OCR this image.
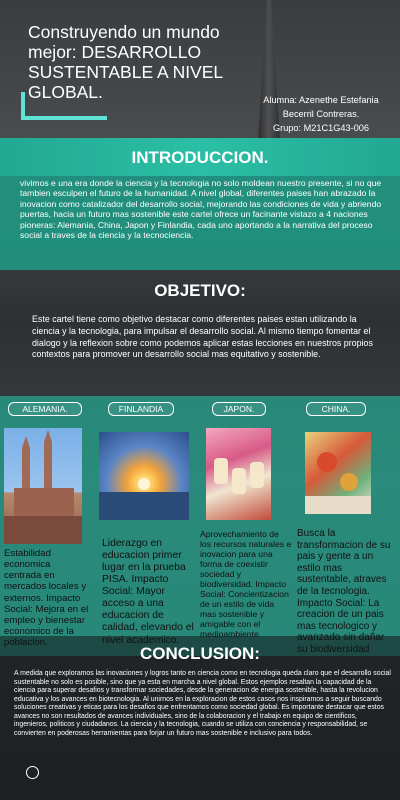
Construyendo un mundo mejor: DESARROLLO SUSTENTABLE A NIVEL GLOBAL.	Alumna: Azenethe Estefania
Becerril Contreras.
Grupo: M21C1G43-006
INTRODUCCION.
vivimos e una era donde la ciencia y la tecnologia no solo moldean nuestro presente, si no que tambien esculpen el futuro de la humanidad. A nivel global, diferentes paises han abrazado la inovacion como catalizador del desarrollo social, mejorando las condiciones de vida y abriendo puertas, hacia un futuro mas sostenible este cartel ofrece un facinante vistazo a 4 naciones pioneras: Alemania, China, Japon y Finlandia, cada uno aportando a la narrativa del proceso social a traves de la ciencia y la tecnociencia.
OBJETIVO:
Este cartel tiene como objetivo destacar como diferentes paises estan utilizando la ciencia y la tecnologia, para impulsar el desarrollo social. Al mismo tiempo fomentar el dialogo y la reflexion sobre como podemos aplicar estas lecciones en nuestros propios contextos para promover un desarrollo social mas equitativo y sostenible.
ALEMANIA.	FINLANDIA	JAPON.	CHINA.
Estabilidad economica centrada en mercados locales y externos. Impacto Social: Mejora en el empleo y bienestar economico de la poblacion.
Liderazgo en educacion primer lugar en la prueba PISA. Impacto Social: Mayor acceso a una educacion de calidad, elevando el nivel academico.
Aprovechamiento de los recursos naturales e inovacion para una forma de coexistir sociedad y biodiversidad. Impacto Social: Concientizacion de un estilo de vida mas sostenible y amigable con el medioambiente.
Busca la transformacion de su pais y gente a un estilo mas sustentable, atraves de la tecnologia. Impacto Social: La creacion de un pais mas tecnologico y avanzado sin dañar su biodiversidad
CONCLUSION:
A medida que exploramos las inovaciones y logros tanto en ciencia como en tecnologia queda claro que el desarrollo social sustentable no solo es posible, sino que ya esta en marcha a nivel global. Estos ejemplos resaltan la capacidad de la ciencia para superar desafios y transformar sociedades, desde la generacion de energia sostenible, hasta la revolucion educativa y los avances en biotecnologia. Al unirnos en la exploracion de estos casos nos inspiramos a seguir buscando soluciones creativas y eticas para los desafios que enfrentamos como sociedad global. Es importante destacar que estos avances no son resultados de avances individuales, sino de la colaboracion y el trabajo en equipo de cientificos, ingenieros, politicos y ciudadanos. La ciencia y la tecnologia, cuando se utiliza con conciencia y responsabilidad, se convierten en poderosas herramientas para forjar un futuro mas sostenible e inclusivo para todos.
